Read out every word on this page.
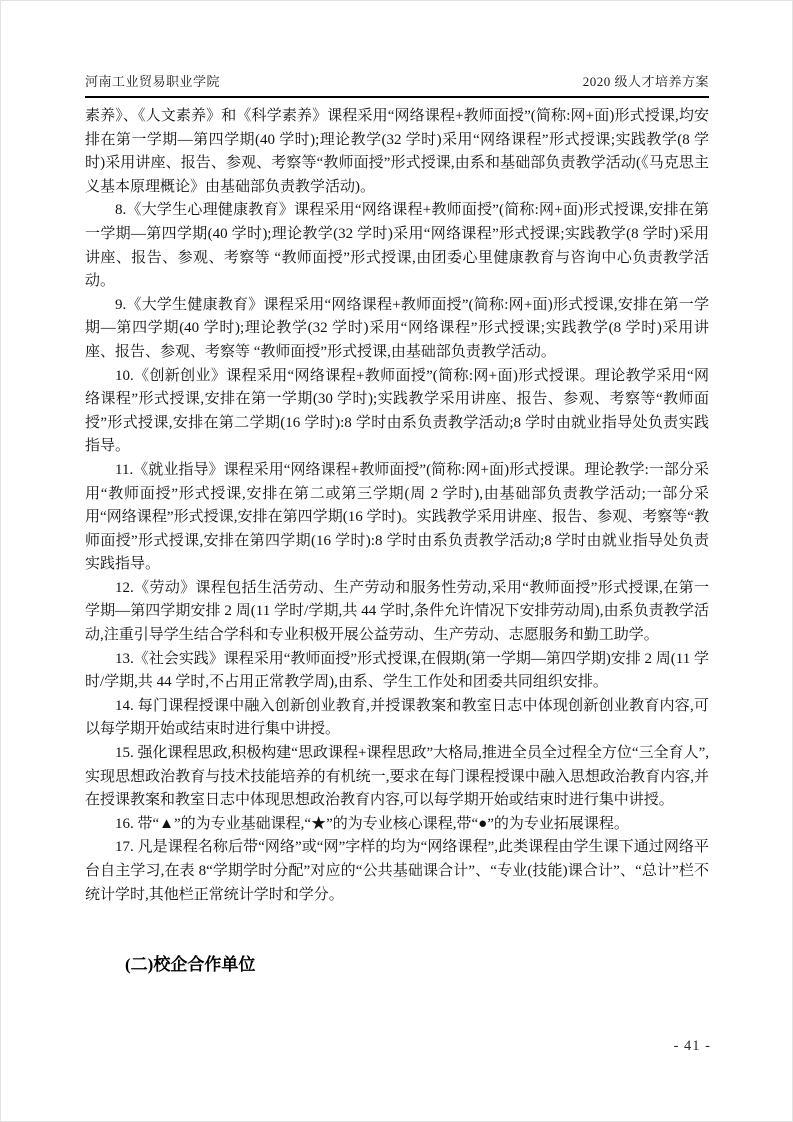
河南工业贸易职业学院	2020 级人才培养方案

素养》、《人文素养》和《科学素养》课程采用“网络课程+教师面授”(简称:网+面)形式授课,均安排在第一学期—第四学期(40 学时);理论教学(32 学时)采用“网络课程”形式授课;实践教学(8 学时)采用讲座、报告、参观、考察等“教师面授”形式授课,由系和基础部负责教学活动(《马克思主义基本原理概论》由基础部负责教学活动)。

8.《大学生心理健康教育》课程采用“网络课程+教师面授”(简称:网+面)形式授课,安排在第一学期—第四学期(40 学时);理论教学(32 学时)采用“网络课程”形式授课;实践教学(8 学时)采用讲座、报告、参观、考察等 “教师面授”形式授课,由团委心里健康教育与咨询中心负责教学活动。

9.《大学生健康教育》课程采用“网络课程+教师面授”(简称:网+面)形式授课,安排在第一学期—第四学期(40 学时);理论教学(32 学时)采用“网络课程”形式授课;实践教学(8 学时)采用讲座、报告、参观、考察等 “教师面授”形式授课,由基础部负责教学活动。

10.《创新创业》课程采用“网络课程+教师面授”(简称:网+面)形式授课。理论教学采用“网络课程”形式授课,安排在第一学期(30 学时);实践教学采用讲座、报告、参观、考察等“教师面授”形式授课,安排在第二学期(16 学时):8 学时由系负责教学活动;8 学时由就业指导处负责实践指导。

11.《就业指导》课程采用“网络课程+教师面授”(简称:网+面)形式授课。理论教学:一部分采用“教师面授”形式授课,安排在第二或第三学期(周 2 学时),由基础部负责教学活动;一部分采用“网络课程”形式授课,安排在第四学期(16 学时)。实践教学采用讲座、报告、参观、考察等“教师面授”形式授课,安排在第四学期(16 学时):8 学时由系负责教学活动;8 学时由就业指导处负责实践指导。

12.《劳动》课程包括生活劳动、生产劳动和服务性劳动,采用“教师面授”形式授课,在第一学期—第四学期安排 2 周(11 学时/学期,共 44 学时,条件允许情况下安排劳动周),由系负责教学活动,注重引导学生结合学科和专业积极开展公益劳动、生产劳动、志愿服务和勤工助学。

13.《社会实践》课程采用“教师面授”形式授课,在假期(第一学期—第四学期)安排 2 周(11 学时/学期,共 44 学时,不占用正常教学周),由系、学生工作处和团委共同组织安排。

14. 每门课程授课中融入创新创业教育,并授课教案和教室日志中体现创新创业教育内容,可以每学期开始或结束时进行集中讲授。

15. 强化课程思政,积极构建“思政课程+课程思政”大格局,推进全员全过程全方位“三全育人”,实现思想政治教育与技术技能培养的有机统一,要求在每门课程授课中融入思想政治教育内容,并在授课教案和教室日志中体现思想政治教育内容,可以每学期开始或结束时进行集中讲授。

16. 带“▲”的为专业基础课程,“★”的为专业核心课程,带“●”的为专业拓展课程。

17. 凡是课程名称后带“网络”或“网”字样的均为“网络课程”,此类课程由学生课下通过网络平台自主学习,在表 8“学期学时分配”对应的“公共基础课合计”、“专业(技能)课合计”、“总计”栏不统计学时,其他栏正常统计学时和学分。

(二)校企合作单位
- 41 -
